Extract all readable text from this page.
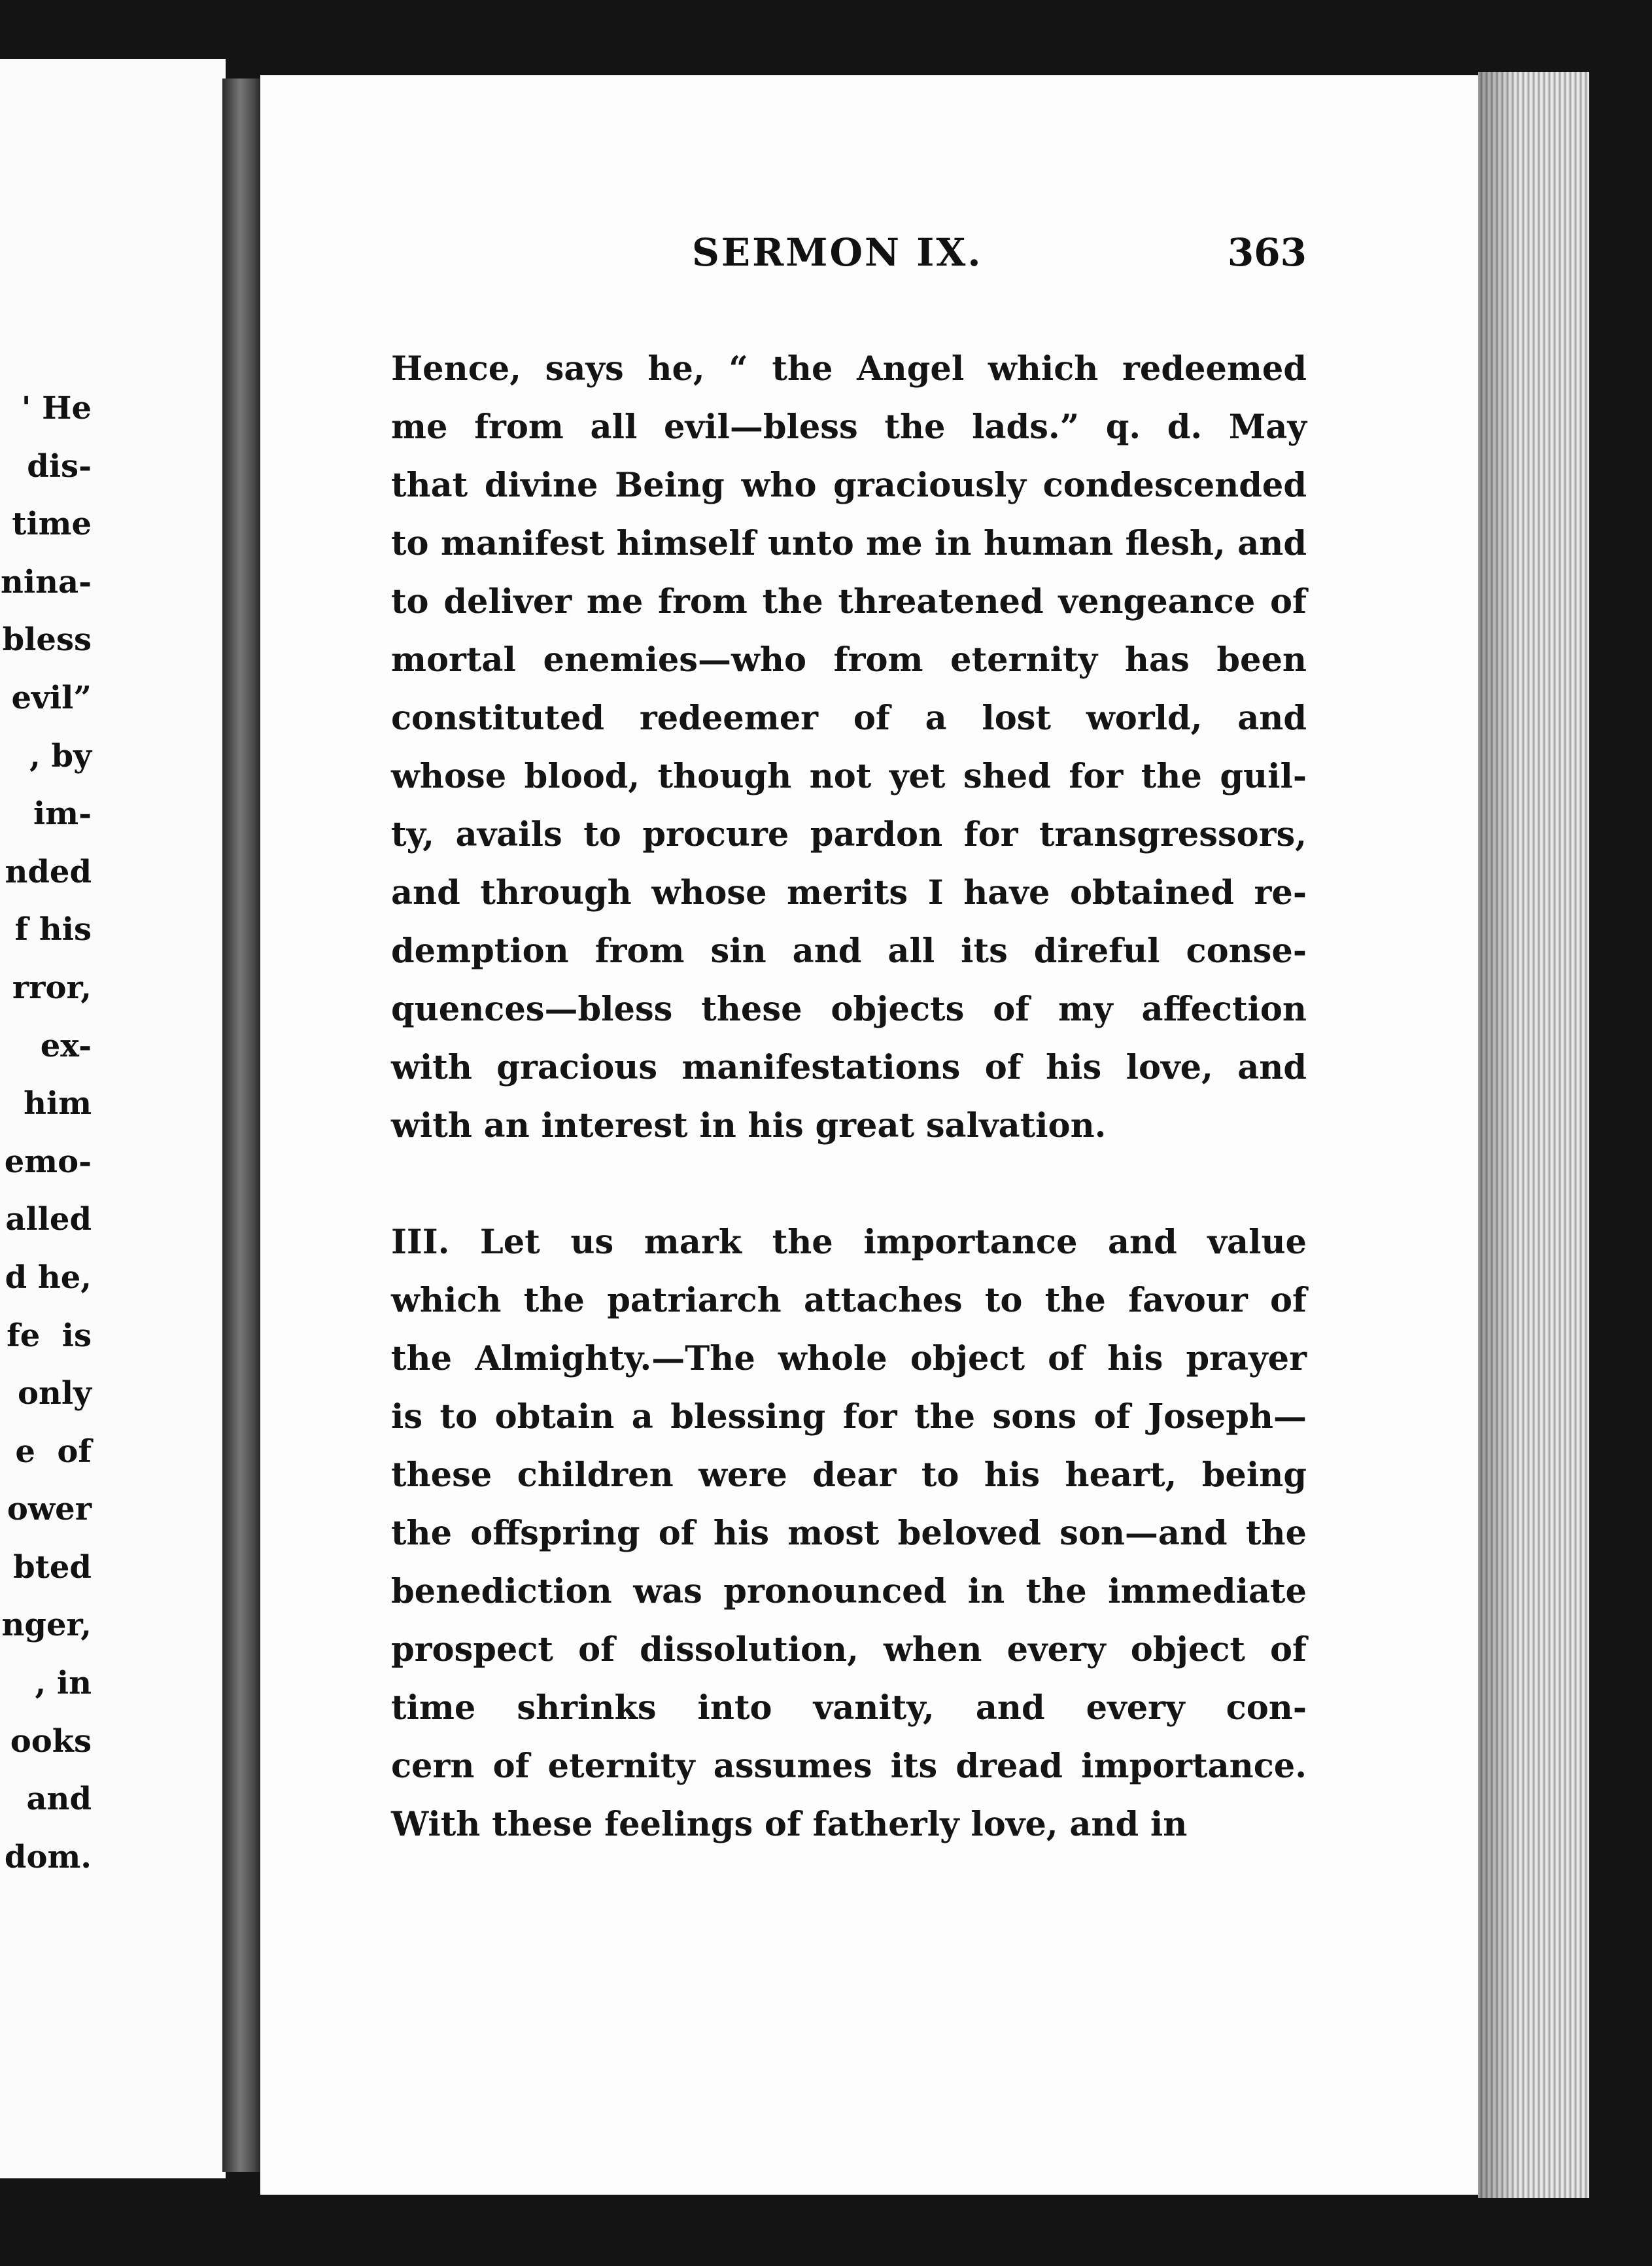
' He
dis-
time
nina-
bless
evil”
, by
im-
nded
f his
rror,
ex-
him
emo-
alled
d he,
fe  is
only
e  of
ower
bted
nger,
, in
ooks
and
dom.
SERMON IX.	363
Hence, says he, “ the Angel which redeemed
me from all evil—bless the lads.” q. d. May
that divine Being who graciously condescended
to manifest himself unto me in human flesh, and
to deliver me from the threatened vengeance of
mortal enemies—who from eternity has been
constituted redeemer of a lost world, and
whose blood, though not yet shed for the guil-
ty, avails to procure pardon for transgressors,
and through whose merits I have obtained re-
demption from sin and all its direful conse-
quences—bless these objects of my affection
with gracious manifestations of his love, and
with an interest in his great salvation.
III. Let us mark the importance and value
which the patriarch attaches to the favour of
the Almighty.—The whole object of his prayer
is to obtain a blessing for the sons of Joseph—
these children were dear to his heart, being
the offspring of his most beloved son—and the
benediction was pronounced in the immediate
prospect of dissolution, when every object of
time shrinks into vanity, and every con-
cern of eternity assumes its dread importance.
With these feelings of fatherly love, and in
